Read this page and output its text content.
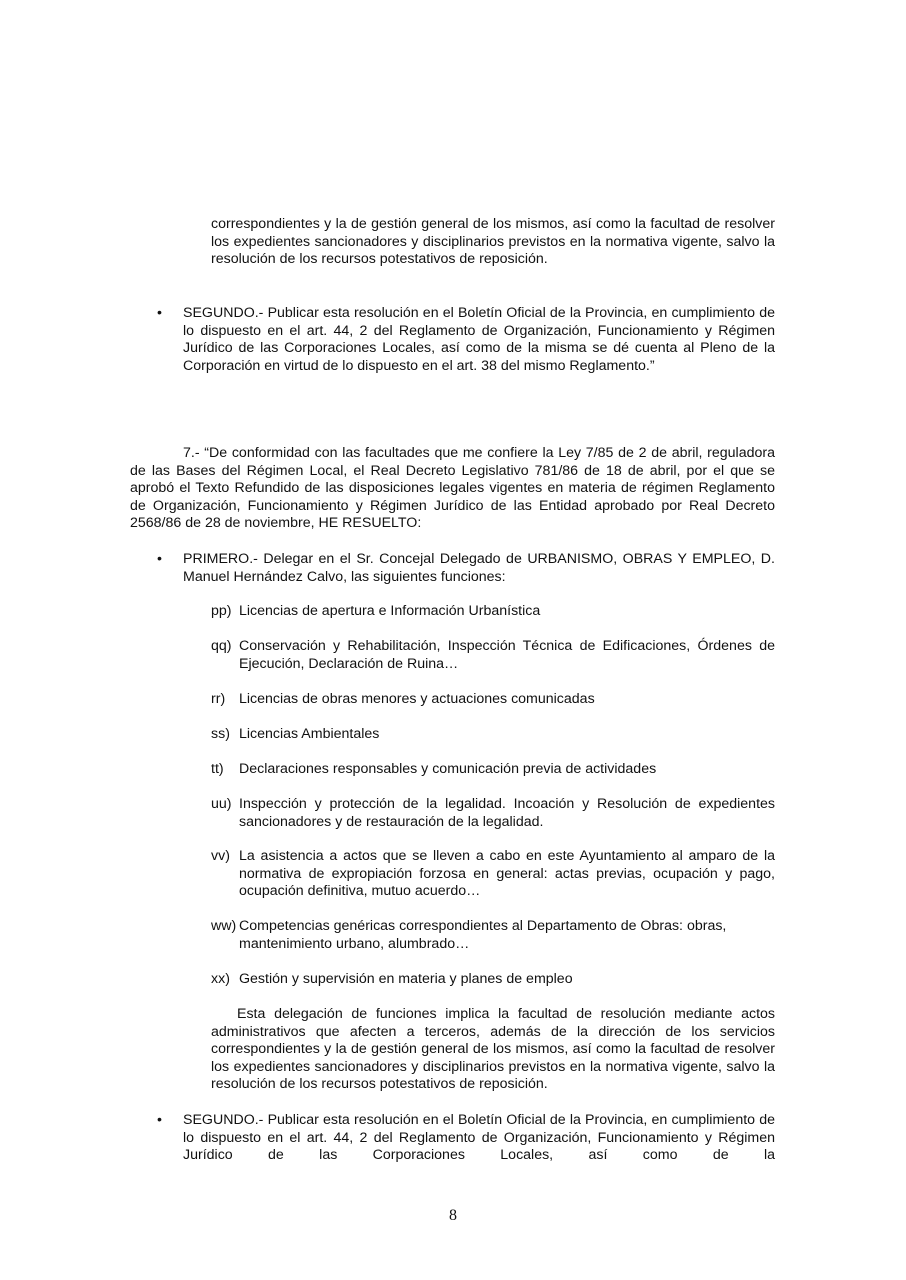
correspondientes y la de gestión general de los mismos, así como la facultad de resolver los expedientes sancionadores y disciplinarios previstos en la normativa vigente, salvo la resolución de los recursos potestativos de reposición.
•	SEGUNDO.- Publicar esta resolución en el Boletín Oficial de la Provincia, en cumplimiento de lo dispuesto en el art. 44, 2 del Reglamento de Organización, Funcionamiento y Régimen Jurídico de las Corporaciones Locales, así como de la misma se dé cuenta al Pleno de la Corporación en virtud de lo dispuesto en el art. 38 del mismo Reglamento.”
7.- “De conformidad con las facultades que me confiere la Ley 7/85 de 2 de abril, reguladora de las Bases del Régimen Local, el Real Decreto Legislativo 781/86 de 18 de abril, por el que se aprobó el Texto Refundido de las disposiciones legales vigentes en materia de régimen Reglamento de Organización, Funcionamiento y Régimen Jurídico de las Entidad aprobado por Real Decreto 2568/86 de 28 de noviembre, HE RESUELTO:
•	PRIMERO.- Delegar en el Sr. Concejal Delegado de URBANISMO, OBRAS Y EMPLEO, D. Manuel Hernández Calvo, las siguientes funciones:
pp) Licencias de apertura e Información Urbanística
qq) Conservación y Rehabilitación, Inspección Técnica de Edificaciones, Órdenes de Ejecución, Declaración de Ruina…
rr) Licencias de obras menores y actuaciones comunicadas
ss) Licencias Ambientales
tt)	Declaraciones responsables y comunicación previa de actividades
uu) Inspección y protección de la legalidad. Incoación y Resolución de expedientes sancionadores y de restauración de la legalidad.
vv) La asistencia a actos que se lleven a cabo en este Ayuntamiento al amparo de la normativa de expropiación forzosa en general: actas previas, ocupación y pago, ocupación definitiva, mutuo acuerdo…
ww) Competencias genéricas correspondientes al Departamento de Obras: obras, mantenimiento urbano, alumbrado…
xx) Gestión y supervisión en materia y planes de empleo
Esta delegación de funciones implica la facultad de resolución mediante actos administrativos que afecten a terceros, además de la dirección de los servicios correspondientes y la de gestión general de los mismos, así como la facultad de resolver los expedientes sancionadores y disciplinarios previstos en la normativa vigente, salvo la resolución de los recursos potestativos de reposición.
•	SEGUNDO.- Publicar esta resolución en el Boletín Oficial de la Provincia, en cumplimiento de lo dispuesto en el art. 44, 2 del Reglamento de Organización, Funcionamiento y Régimen Jurídico de las Corporaciones Locales, así como de la
8
